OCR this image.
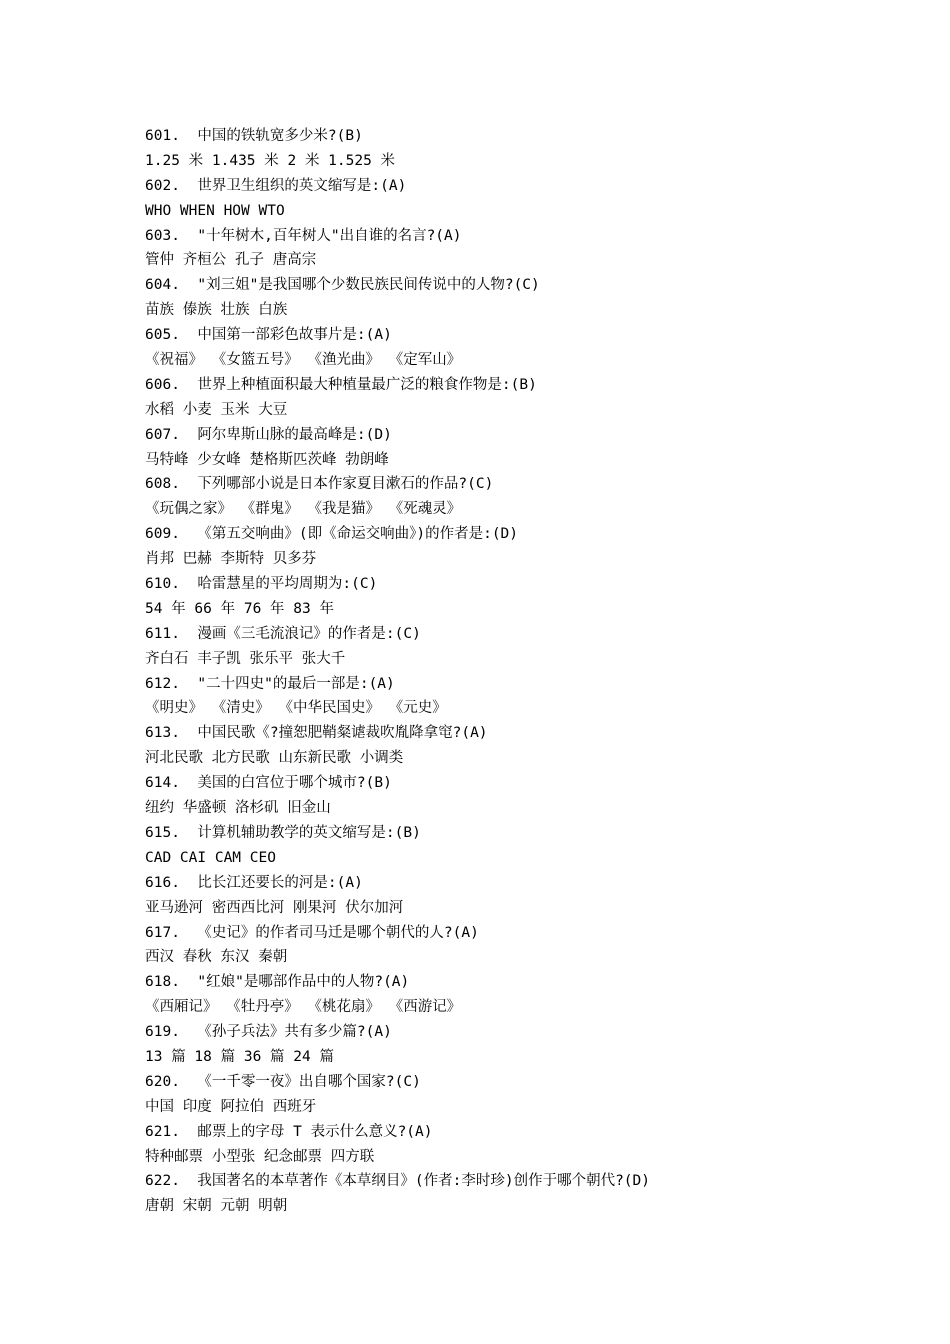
601.  中国的铁轨宽多少米?(B)
1.25 米 1.435 米 2 米 1.525 米
602.  世界卫生组织的英文缩写是:(A)
WHO WHEN HOW WTO
603.  "十年树木,百年树人"出自谁的名言?(A)
管仲 齐桓公 孔子 唐高宗
604.  "刘三姐"是我国哪个少数民族民间传说中的人物?(C)
苗族 傣族 壮族 白族
605.  中国第一部彩色故事片是:(A)
《祝福》 《女篮五号》 《渔光曲》 《定军山》
606.  世界上种植面积最大种植量最广泛的粮食作物是:(B)
水稻 小麦 玉米 大豆
607.  阿尔卑斯山脉的最高峰是:(D)
马特峰 少女峰 楚格斯匹茨峰 勃朗峰
608.  下列哪部小说是日本作家夏目漱石的作品?(C)
《玩偶之家》 《群鬼》 《我是猫》 《死魂灵》
609.  《第五交响曲》(即《命运交响曲》)的作者是:(D)
肖邦 巴赫 李斯特 贝多芬
610.  哈雷慧星的平均周期为:(C)
54 年 66 年 76 年 83 年
611.  漫画《三毛流浪记》的作者是:(C)
齐白石 丰子凯 张乐平 张大千
612.  "二十四史"的最后一部是:(A)
《明史》 《清史》 《中华民国史》 《元史》
613.  中国民歌《?撞恕肥鞘粲谑裁吹胤降拿窀?(A)
河北民歌 北方民歌 山东新民歌 小调类
614.  美国的白宫位于哪个城市?(B)
纽约 华盛顿 洛杉矶 旧金山
615.  计算机辅助教学的英文缩写是:(B)
CAD CAI CAM CEO
616.  比长江还要长的河是:(A)
亚马逊河 密西西比河 刚果河 伏尔加河
617.  《史记》的作者司马迁是哪个朝代的人?(A)
西汉 春秋 东汉 秦朝
618.  "红娘"是哪部作品中的人物?(A)
《西厢记》 《牡丹亭》 《桃花扇》 《西游记》
619.  《孙子兵法》共有多少篇?(A)
13 篇 18 篇 36 篇 24 篇
620.  《一千零一夜》出自哪个国家?(C)
中国 印度 阿拉伯 西班牙
621.  邮票上的字母 T 表示什么意义?(A)
特种邮票 小型张 纪念邮票 四方联
622.  我国著名的本草著作《本草纲目》(作者:李时珍)创作于哪个朝代?(D)
唐朝 宋朝 元朝 明朝
